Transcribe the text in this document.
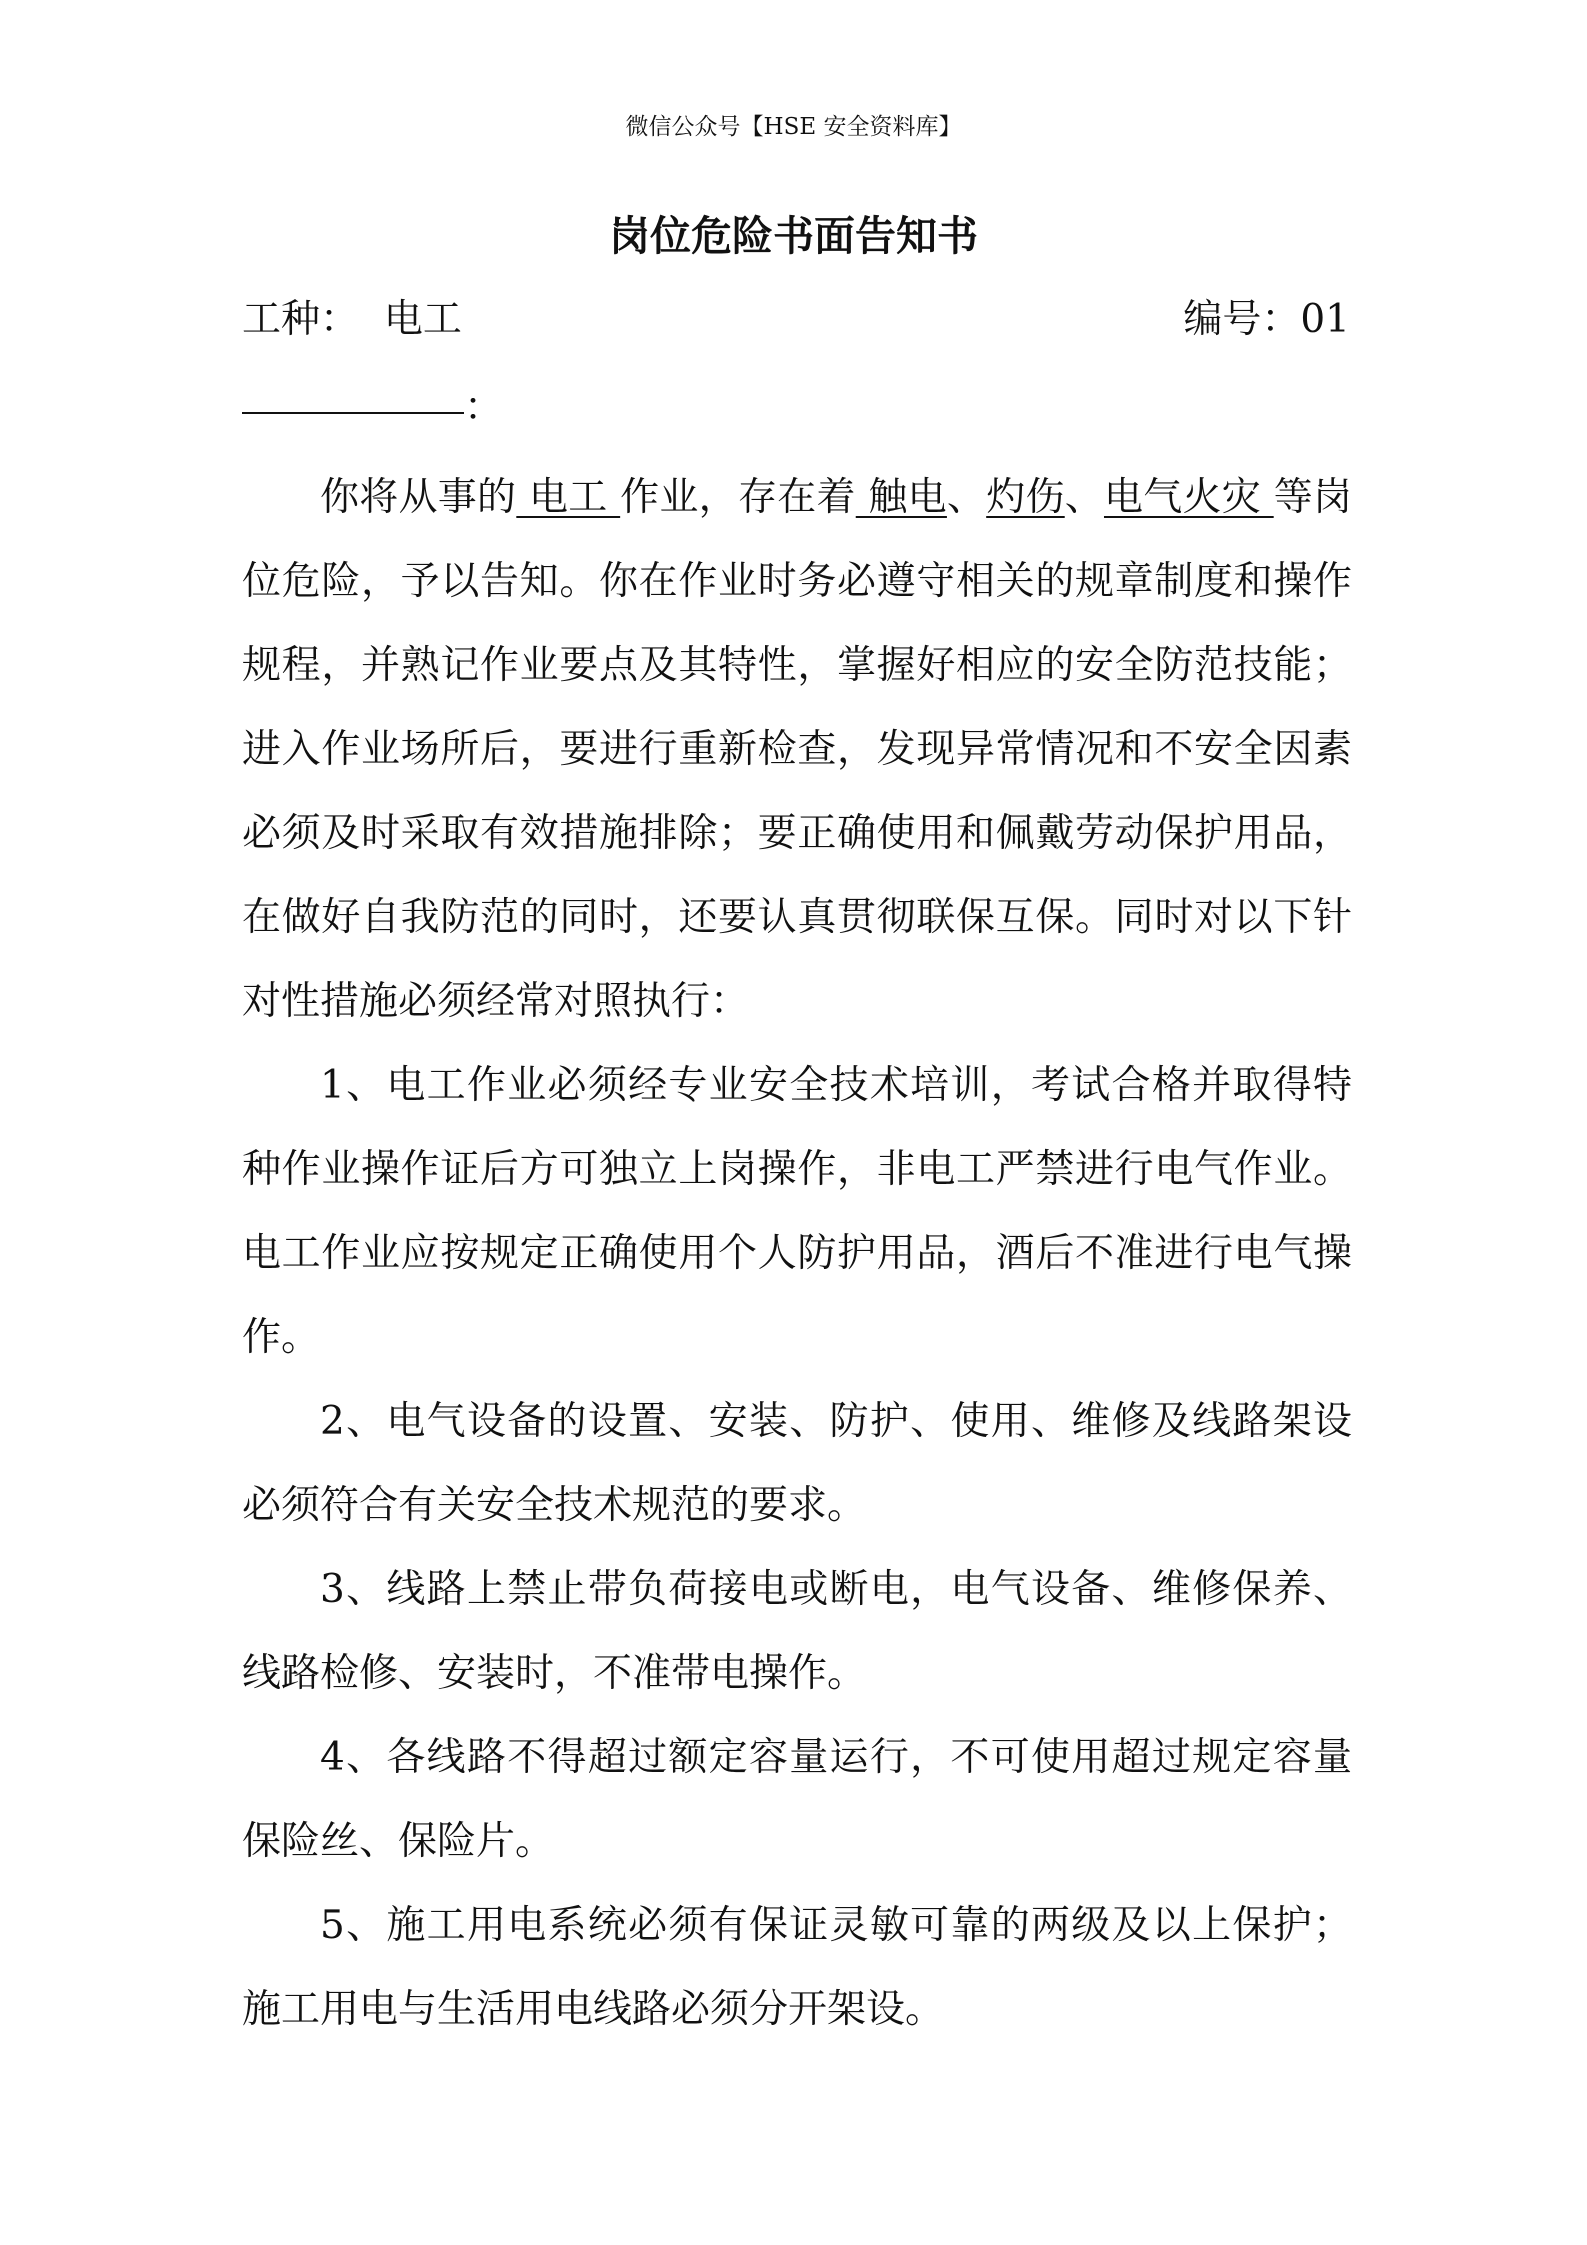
微信公众号【HSE 安全资料库】
岗位危险书面告知书
工种： 电工	编号：01
：

你将从事的 电工 作业，存在着 触电、灼伤、电气火灾 等岗位危险，予以告知。你在作业时务必遵守相关的规章制度和操作规程，并熟记作业要点及其特性，掌握好相应的安全防范技能；进入作业场所后，要进行重新检查，发现异常情况和不安全因素必须及时采取有效措施排除；要正确使用和佩戴劳动保护用品，在做好自我防范的同时，还要认真贯彻联保互保。同时对以下针对性措施必须经常对照执行：

1、电工作业必须经专业安全技术培训，考试合格并取得特种作业操作证后方可独立上岗操作，非电工严禁进行电气作业。电工作业应按规定正确使用个人防护用品，酒后不准进行电气操作。

2、电气设备的设置、安装、防护、使用、维修及线路架设必须符合有关安全技术规范的要求。

3、线路上禁止带负荷接电或断电，电气设备、维修保养、线路检修、安装时，不准带电操作。

4、各线路不得超过额定容量运行，不可使用超过规定容量保险丝、保险片。

5、施工用电系统必须有保证灵敏可靠的两级及以上保护；施工用电与生活用电线路必须分开架设。
